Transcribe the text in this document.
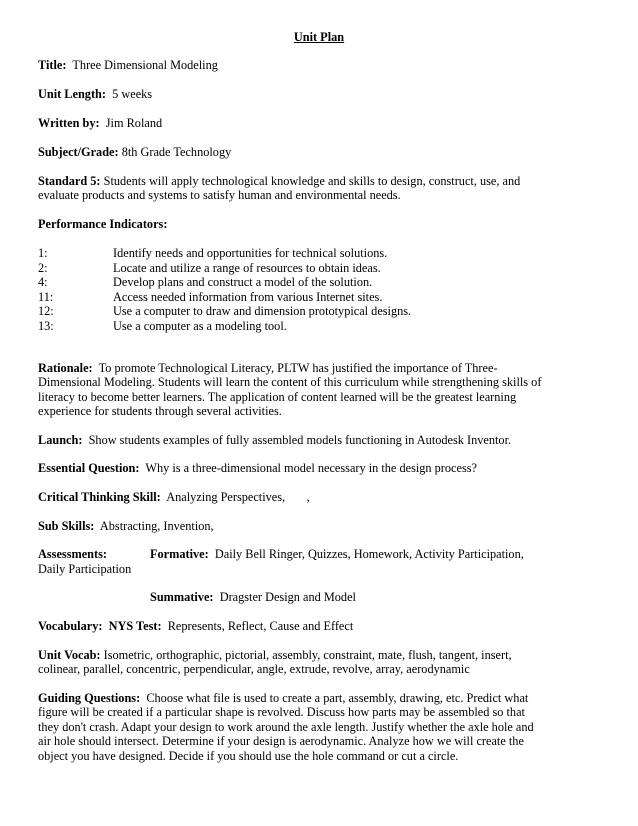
Unit Plan
Title: Three Dimensional Modeling
Unit Length: 5 weeks
Written by: Jim Roland
Subject/Grade: 8th Grade Technology
Standard 5: Students will apply technological knowledge and skills to design, construct, use, and evaluate products and systems to satisfy human and environmental needs.
Performance Indicators:
1:	Identify needs and opportunities for technical solutions.
2:	Locate and utilize a range of resources to obtain ideas.
4:	Develop plans and construct a model of the solution.
11:	Access needed information from various Internet sites.
12:	Use a computer to draw and dimension prototypical designs.
13:	Use a computer as a modeling tool.
Rationale: To promote Technological Literacy, PLTW has justified the importance of Three-Dimensional Modeling. Students will learn the content of this curriculum while strengthening skills of literacy to become better learners. The application of content learned will be the greatest learning experience for students through several activities.
Launch: Show students examples of fully assembled models functioning in Autodesk Inventor.
Essential Question: Why is a three-dimensional model necessary in the design process?
Critical Thinking Skill: Analyzing Perspectives,       ,
Sub Skills: Abstracting, Invention,
Assessments:	Formative: Daily Bell Ringer, Quizzes, Homework, Activity Participation,
Daily Participation
Summative: Dragster Design and Model
Vocabulary: NYS Test: Represents, Reflect, Cause and Effect
Unit Vocab: Isometric, orthographic, pictorial, assembly, constraint, mate, flush, tangent, insert, colinear, parallel, concentric, perpendicular, angle, extrude, revolve, array, aerodynamic
Guiding Questions: Choose what file is used to create a part, assembly, drawing, etc. Predict what figure will be created if a particular shape is revolved. Discuss how parts may be assembled so that they don't crash. Adapt your design to work around the axle length. Justify whether the axle hole and air hole should intersect. Determine if your design is aerodynamic. Analyze how we will create the object you have designed. Decide if you should use the hole command or cut a circle.
